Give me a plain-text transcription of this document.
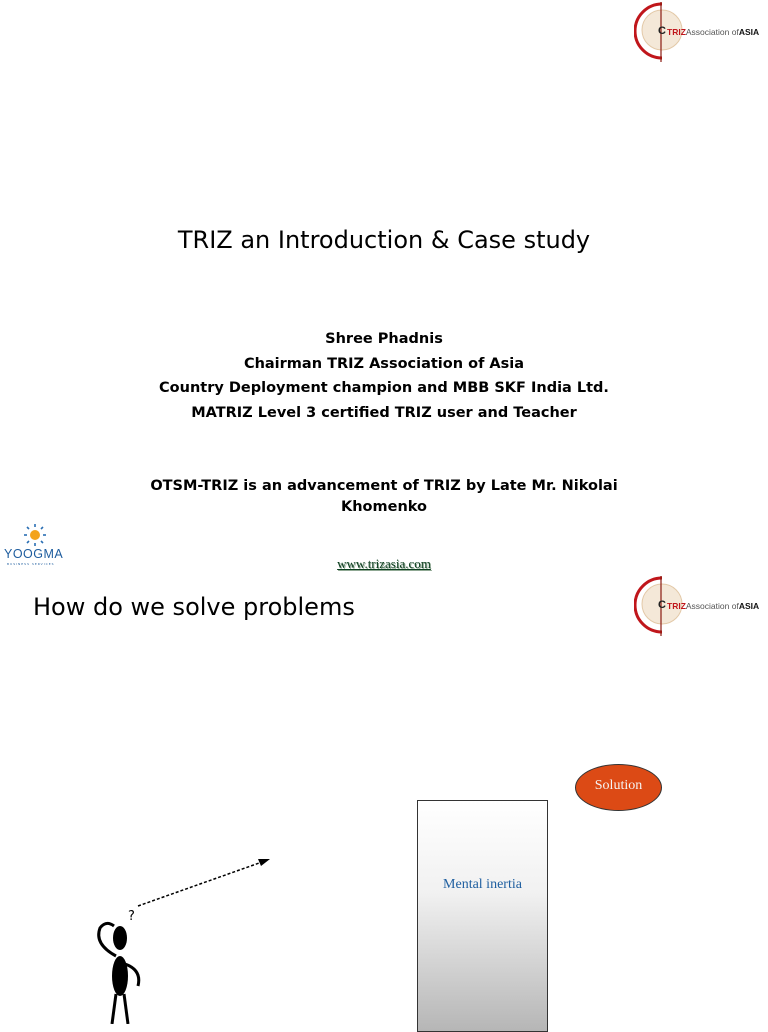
C TRIZAssociation ofASIA
TRIZ an Introduction & Case study
Shree Phadnis
Chairman TRIZ Association of Asia
Country Deployment champion and MBB SKF India Ltd.
MATRIZ Level 3 certified TRIZ user and Teacher
OTSM-TRIZ is an advancement of TRIZ by Late Mr. Nikolai Khomenko
YOOGMA
BUSINESS SERVICES	www.trizasia.com
How do we solve problems	C TRIZAssociation ofASIA
Solution
Mental inertia
?
